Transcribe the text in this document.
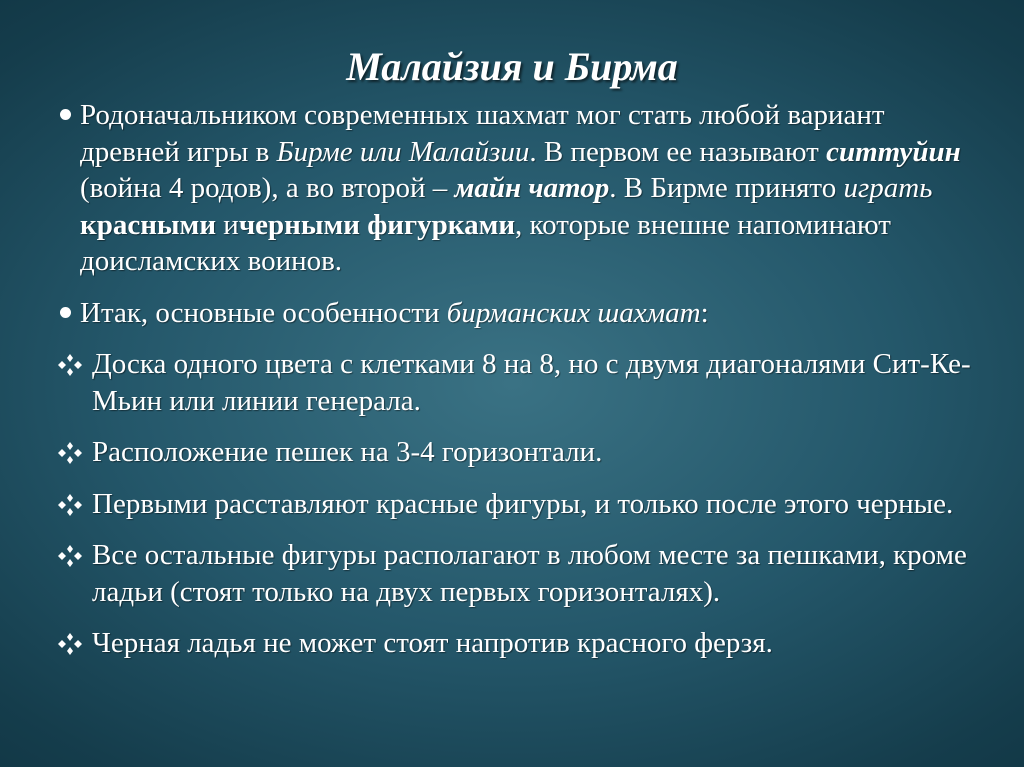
Малайзия и Бирма
Родоначальником современных шахмат мог стать любой вариант древней игры в Бирме или Малайзии. В первом ее называют ситтуйин (война 4 родов), а во второй – майн чатор. В Бирме принято играть красными ичерными фигурками, которые внешне напоминают доисламских воинов.
Итак, основные особенности бирманских шахмат:
Доска одного цвета с клетками 8 на 8, но с двумя диагоналями Сит-Ке-Мьин или линии генерала.
Расположение пешек на 3-4 горизонтали.
Первыми расставляют красные фигуры, и только после этого черные.
Все остальные фигуры располагают в любом месте за пешками, кроме ладьи (стоят только на двух первых горизонталях).
Черная ладья не может стоят напротив красного ферзя.
